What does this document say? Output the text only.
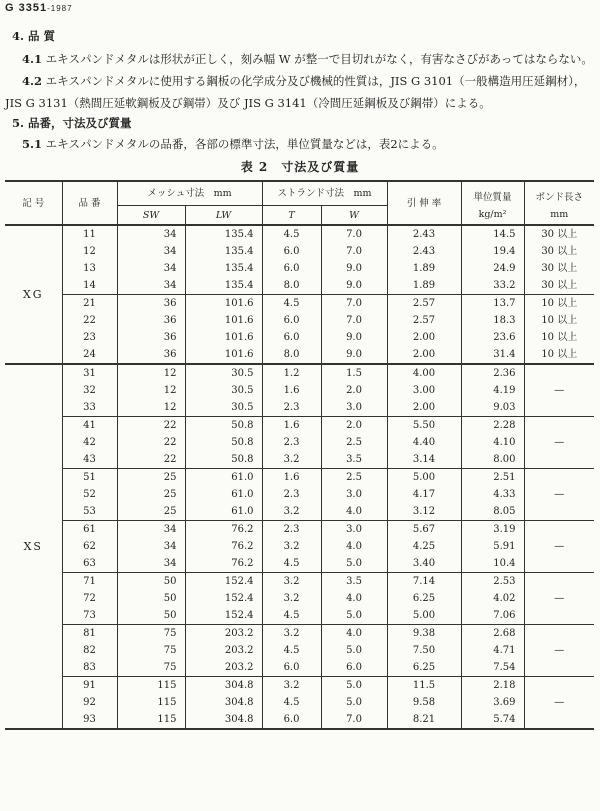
G 3351-1987
4. 品 質
4.1 エキスパンドメタルは形状が正しく，刻み幅 W が整一で目切れがなく，有害なさびがあってはならない。
4.2 エキスパンドメタルに使用する鋼板の化学成分及び機械的性質は，JIS G 3101（一般構造用圧延鋼材），
JIS G 3131（熱間圧延軟鋼板及び鋼帯）及び JIS G 3141（冷間圧延鋼板及び鋼帯）による。
5. 品番，寸法及び質量
5.1 エキスパンドメタルの品番，各部の標準寸法，単位質量などは，表2による。
表 2　寸法及び質量
記 号	品 番	メッシュ寸法　mm		ストランド寸法　mm		引 伸 率	単位質量	ボンド長さ
		SW	LW	T	W		kg/m²	mm
XG	11	34	135.4	4.5	7.0	2.43	14.5	30 以上
	12	34	135.4	6.0	7.0	2.43	19.4	30 以上
	13	34	135.4	6.0	9.0	1.89	24.9	30 以上
	14	34	135.4	8.0	9.0	1.89	33.2	30 以上
	21	36	101.6	4.5	7.0	2.57	13.7	10 以上
	22	36	101.6	6.0	7.0	2.57	18.3	10 以上
	23	36	101.6	6.0	9.0	2.00	23.6	10 以上
	24	36	101.6	8.0	9.0	2.00	31.4	10 以上
XS	31	12	30.5	1.2	1.5	4.00	2.36	—
	32	12	30.5	1.6	2.0	3.00	4.19	
	33	12	30.5	2.3	3.0	2.00	9.03	
	41	22	50.8	1.6	2.0	5.50	2.28	—
	42	22	50.8	2.3	2.5	4.40	4.10	
	43	22	50.8	3.2	3.5	3.14	8.00	
	51	25	61.0	1.6	2.5	5.00	2.51	—
	52	25	61.0	2.3	3.0	4.17	4.33	
	53	25	61.0	3.2	4.0	3.12	8.05	
	61	34	76.2	2.3	3.0	5.67	3.19	—
	62	34	76.2	3.2	4.0	4.25	5.91	
	63	34	76.2	4.5	5.0	3.40	10.4	
	71	50	152.4	3.2	3.5	7.14	2.53	—
	72	50	152.4	3.2	4.0	6.25	4.02	
	73	50	152.4	4.5	5.0	5.00	7.06	
	81	75	203.2	3.2	4.0	9.38	2.68	—
	82	75	203.2	4.5	5.0	7.50	4.71	
	83	75	203.2	6.0	6.0	6.25	7.54	
	91	115	304.8	3.2	5.0	11.5	2.18	—
	92	115	304.8	4.5	5.0	9.58	3.69	
	93	115	304.8	6.0	7.0	8.21	5.74	
